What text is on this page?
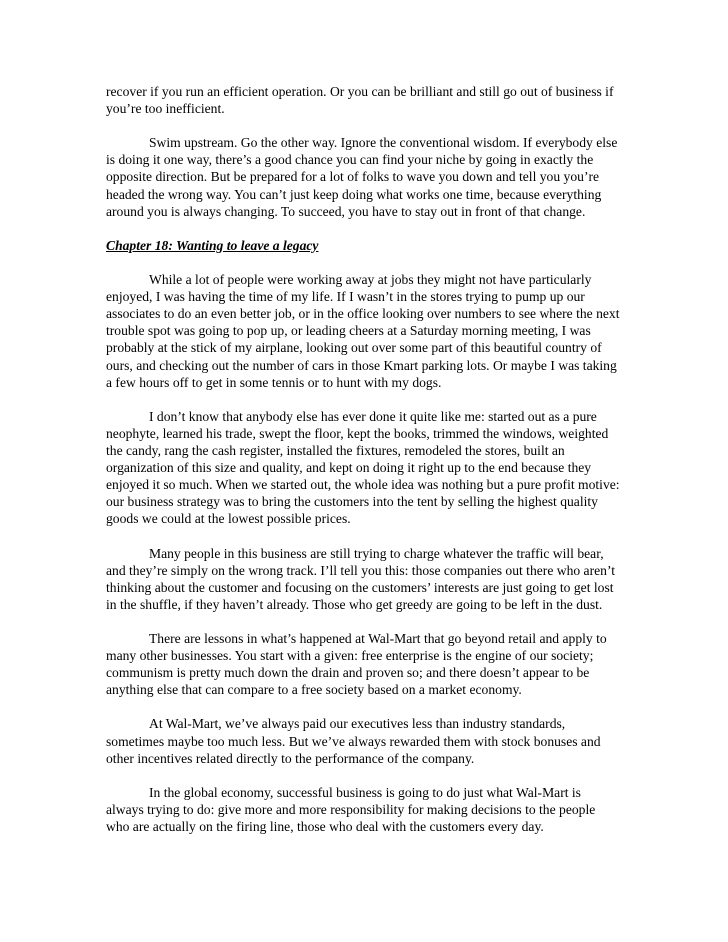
recover if you run an efficient operation. Or you can be brilliant and still go out of business if you’re too inefficient.

Swim upstream. Go the other way. Ignore the conventional wisdom. If everybody else is doing it one way, there’s a good chance you can find your niche by going in exactly the opposite direction. But be prepared for a lot of folks to wave you down and tell you you’re headed the wrong way. You can’t just keep doing what works one time, because everything around you is always changing. To succeed, you have to stay out in front of that change.

Chapter 18: Wanting to leave a legacy

While a lot of people were working away at jobs they might not have particularly enjoyed, I was having the time of my life. If I wasn’t in the stores trying to pump up our associates to do an even better job, or in the office looking over numbers to see where the next trouble spot was going to pop up, or leading cheers at a Saturday morning meeting, I was probably at the stick of my airplane, looking out over some part of this beautiful country of ours, and checking out the number of cars in those Kmart parking lots. Or maybe I was taking a few hours off to get in some tennis or to hunt with my dogs.

I don’t know that anybody else has ever done it quite like me: started out as a pure neophyte, learned his trade, swept the floor, kept the books, trimmed the windows, weighted the candy, rang the cash register, installed the fixtures, remodeled the stores, built an organization of this size and quality, and kept on doing it right up to the end because they enjoyed it so much. When we started out, the whole idea was nothing but a pure profit motive: our business strategy was to bring the customers into the tent by selling the highest quality goods we could at the lowest possible prices.

Many people in this business are still trying to charge whatever the traffic will bear, and they’re simply on the wrong track. I’ll tell you this: those companies out there who aren’t thinking about the customer and focusing on the customers’ interests are just going to get lost in the shuffle, if they haven’t already. Those who get greedy are going to be left in the dust.

There are lessons in what’s happened at Wal-Mart that go beyond retail and apply to many other businesses. You start with a given: free enterprise is the engine of our society; communism is pretty much down the drain and proven so; and there doesn’t appear to be anything else that can compare to a free society based on a market economy.

At Wal-Mart, we’ve always paid our executives less than industry standards, sometimes maybe too much less. But we’ve always rewarded them with stock bonuses and other incentives related directly to the performance of the company.

In the global economy, successful business is going to do just what Wal-Mart is always trying to do: give more and more responsibility for making decisions to the people who are actually on the firing line, those who deal with the customers every day.
